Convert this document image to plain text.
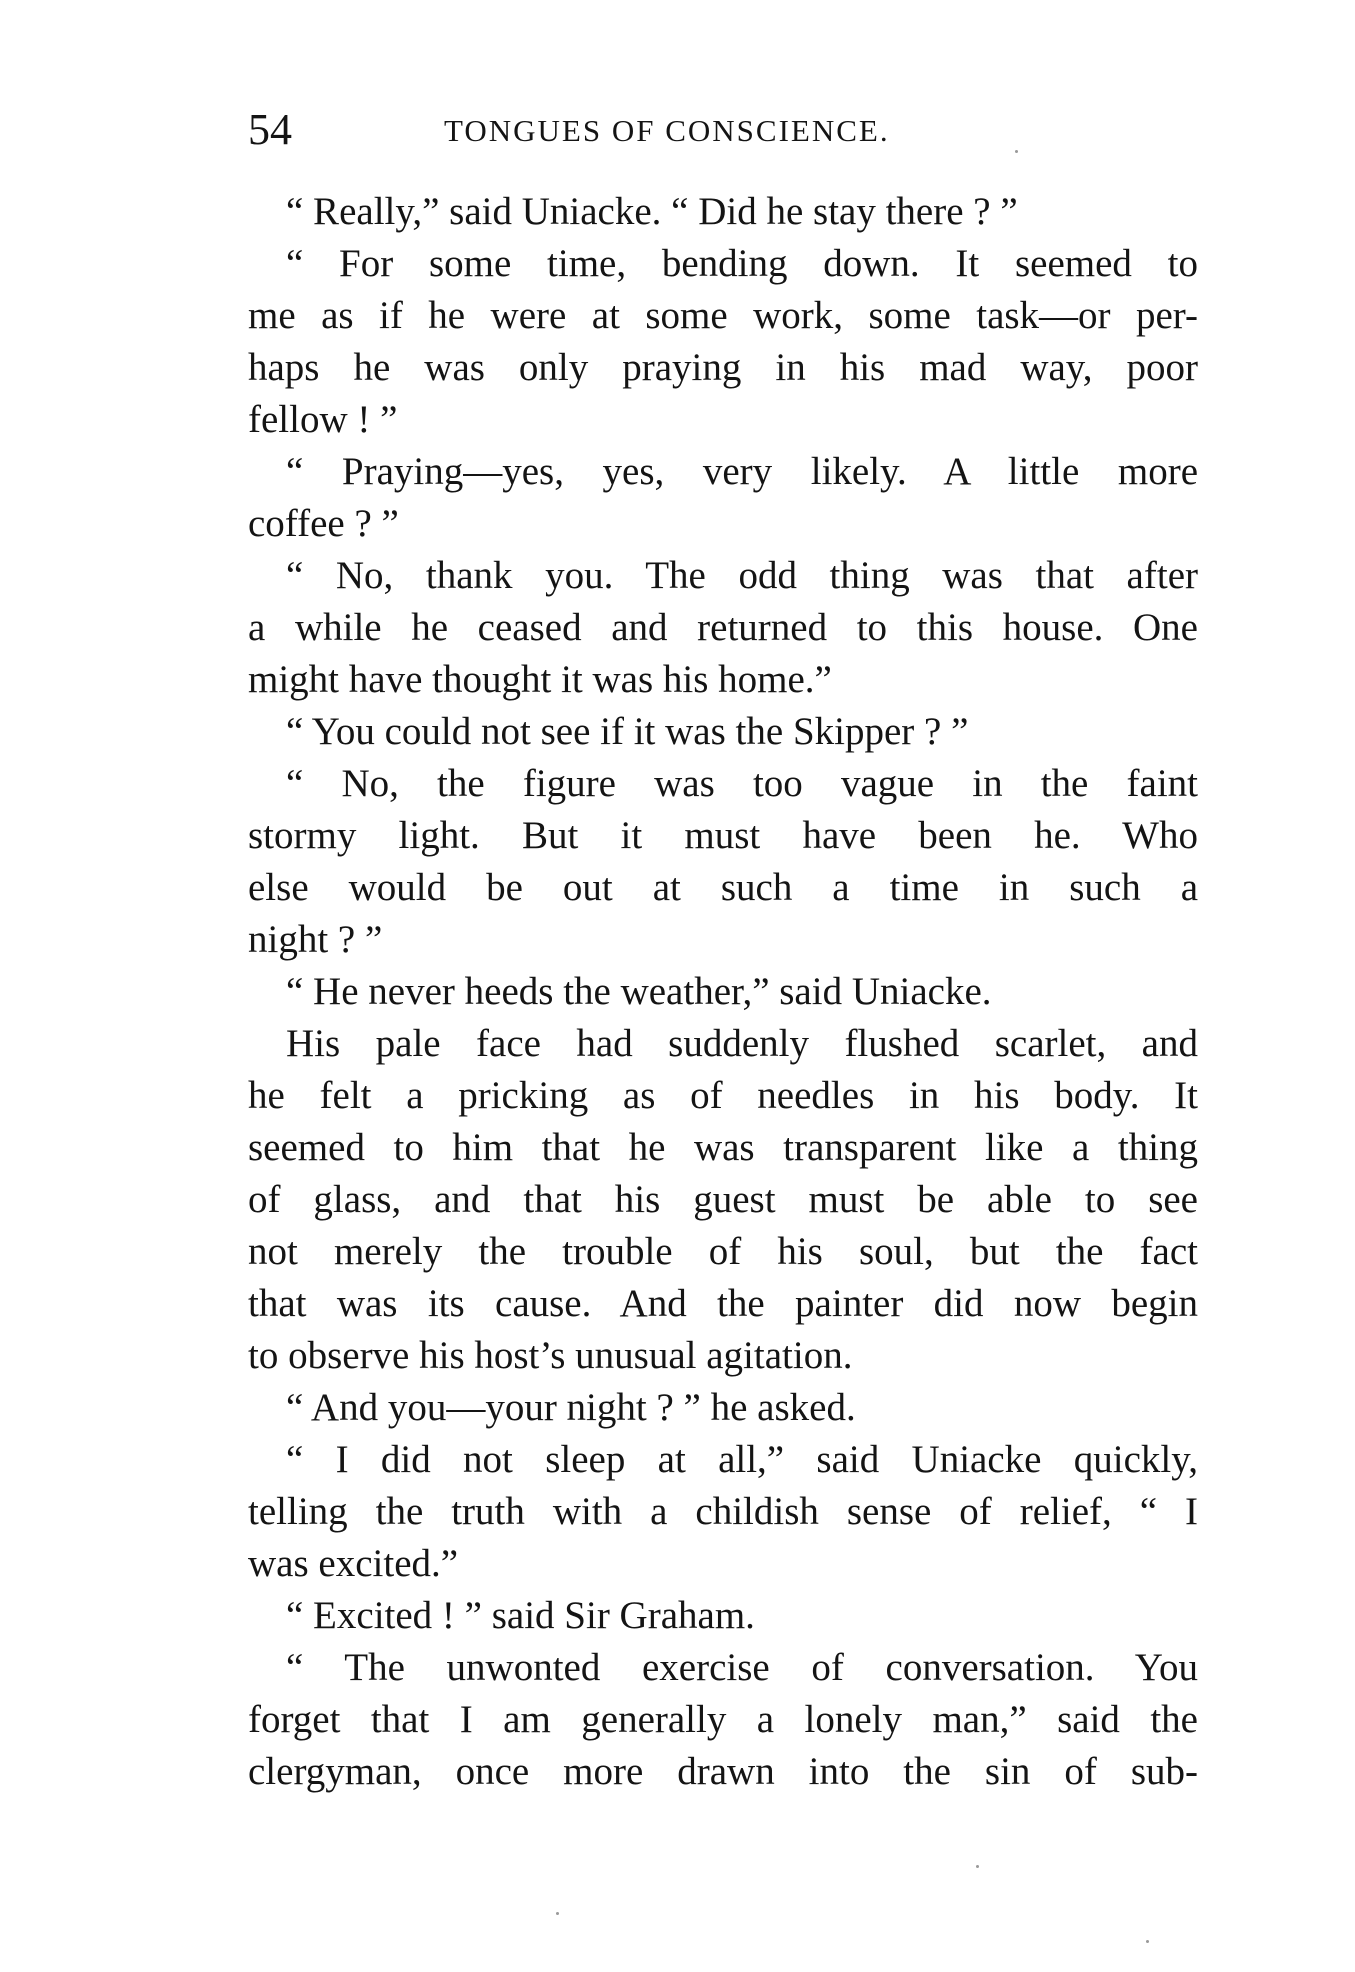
54	TONGUES OF CONSCIENCE.
“ Really,” said Uniacke. “ Did he stay there ? ”
“ For some time, bending down. It seemed to
me as if he were at some work, some task—or per-
haps he was only praying in his mad way, poor
fellow ! ”
“ Praying—yes, yes, very likely. A little more
coffee ? ”
“ No, thank you. The odd thing was that after
a while he ceased and returned to this house. One
might have thought it was his home.”
“ You could not see if it was the Skipper ? ”
“ No, the figure was too vague in the faint
stormy light. But it must have been he. Who
else would be out at such a time in such a
night ? ”
“ He never heeds the weather,” said Uniacke.
His pale face had suddenly flushed scarlet, and
he felt a pricking as of needles in his body. It
seemed to him that he was transparent like a thing
of glass, and that his guest must be able to see
not merely the trouble of his soul, but the fact
that was its cause. And the painter did now begin
to observe his host’s unusual agitation.
“ And you—your night ? ” he asked.
“ I did not sleep at all,” said Uniacke quickly,
telling the truth with a childish sense of relief, “ I
was excited.”
“ Excited ! ” said Sir Graham.
“ The unwonted exercise of conversation. You
forget that I am generally a lonely man,” said the
clergyman, once more drawn into the sin of sub-
